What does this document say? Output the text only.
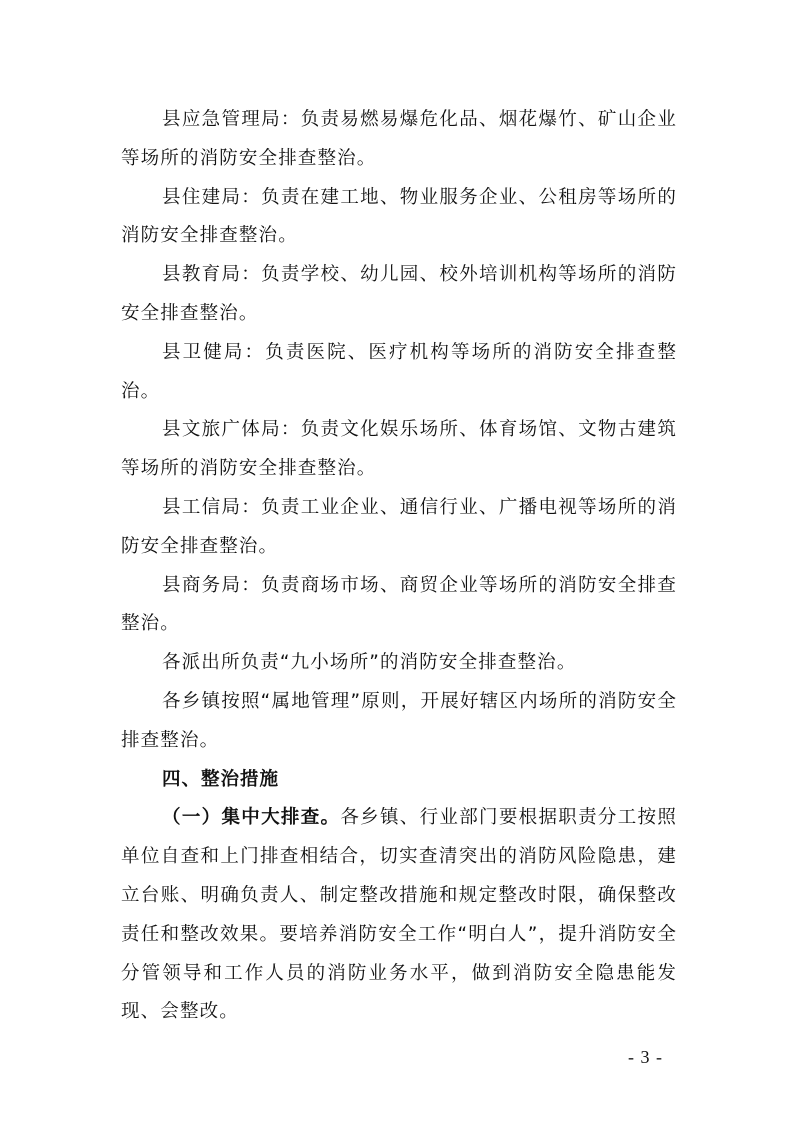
县应急管理局：负责易燃易爆危化品、烟花爆竹、矿山企业等场所的消防安全排查整治。

县住建局：负责在建工地、物业服务企业、公租房等场所的消防安全排查整治。

县教育局：负责学校、幼儿园、校外培训机构等场所的消防安全排查整治。

县卫健局：负责医院、医疗机构等场所的消防安全排查整治。

县文旅广体局：负责文化娱乐场所、体育场馆、文物古建筑等场所的消防安全排查整治。

县工信局：负责工业企业、通信行业、广播电视等场所的消防安全排查整治。

县商务局：负责商场市场、商贸企业等场所的消防安全排查整治。

各派出所负责“九小场所”的消防安全排查整治。

各乡镇按照“属地管理”原则，开展好辖区内场所的消防安全排查整治。

四、整治措施

（一）集中大排查。各乡镇、行业部门要根据职责分工按照单位自查和上门排查相结合，切实查清突出的消防风险隐患，建立台账、明确负责人、制定整改措施和规定整改时限，确保整改责任和整改效果。要培养消防安全工作“明白人”，提升消防安全分管领导和工作人员的消防业务水平，做到消防安全隐患能发现、会整改。

- 3 -
